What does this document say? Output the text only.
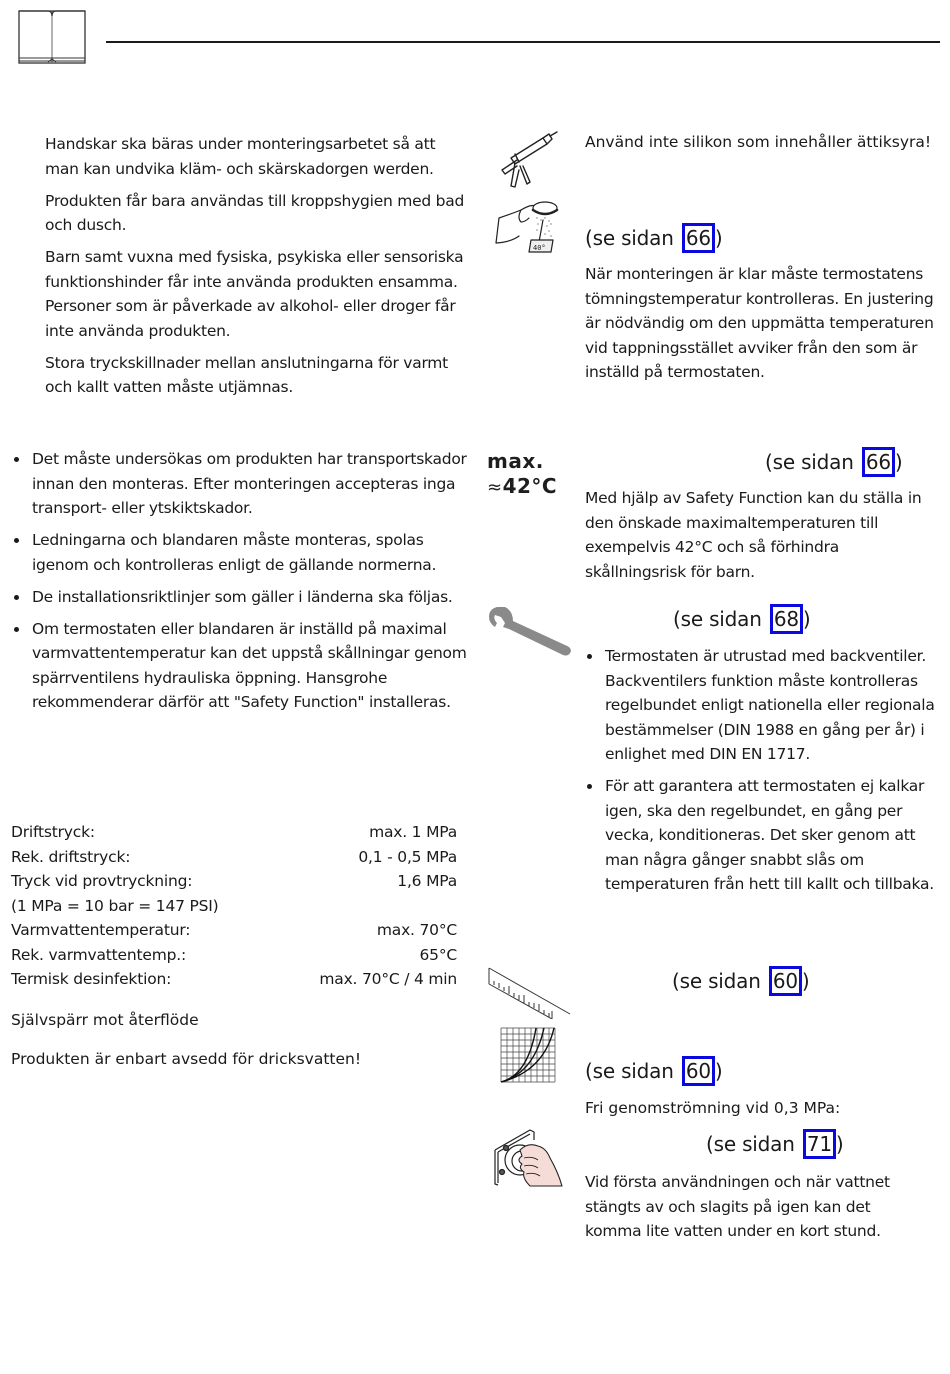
Handskar ska bäras under monteringsarbetet så att man kan undvika kläm- och skärskadorgen werden.

Produkten får bara användas till kroppshygien med bad och dusch.

Barn samt vuxna med fysiska, psykiska eller sensoriska funktionshinder får inte använda produkten ensamma. Personer som är påverkade av alkohol- eller droger får inte använda produkten.

Stora tryckskillnader mellan anslutningarna för varmt och kallt vatten måste utjämnas.

Det måste undersökas om produkten har transportskador innan den monteras. Efter monteringen accepteras inga transport- eller ytskiktskador.
Ledningarna och blandaren måste monteras, spolas igenom och kontrolleras enligt de gällande normerna.
De installationsriktlinjer som gäller i länderna ska följas.
Om termostaten eller blandaren är inställd på maximal varmvattentemperatur kan det uppstå skållningar genom spärrventilens hydrauliska öppning. Hansgrohe rekommenderar därför att "Safety Function" installeras.
Driftstryck:	max. 1 MPa
Rek. driftstryck:	0,1 - 0,5 MPa
Tryck vid provtryckning:	1,6 MPa
(1 MPa = 10 bar = 147 PSI)
Varmvattentemperatur:	max. 70°C
Rek. varmvattentemp.:	65°C
Termisk desinfektion:	max. 70°C / 4 min
Självspärr mot återflöde
Produkten är enbart avsedd för dricksvatten!
Använd inte silikon som innehåller ättiksyra!
40° (se sidan 66 )
När monteringen är klar måste termostatens tömningstemperatur kontrolleras. En justering är nödvändig om den uppmätta temperaturen vid tappningsstället avviker från den som är inställd på termostaten.
max.
≈42°C
(se sidan 66 )
Med hjälp av Safety Function kan du ställa in den önskade maximaltemperaturen till exempelvis 42°C och så förhindra skållningsrisk för barn.
(se sidan 68 )
Termostaten är utrustad med backventiler. Backventilers funktion måste kontrolleras regelbundet enligt nationella eller regionala bestämmelser (DIN 1988 en gång per år) i enlighet med DIN EN 1717.
För att garantera att termostaten ej kalkar igen, ska den regelbundet, en gång per vecka, konditioneras. Det sker genom att man några gånger snabbt slås om temperaturen från hett till kallt och tillbaka.
(se sidan 60 )
(se sidan 60 )
Fri genomströmning vid 0,3 MPa:
(se sidan 71 )
Vid första användningen och när vattnet stängts av och slagits på igen kan det komma lite vatten under en kort stund.
